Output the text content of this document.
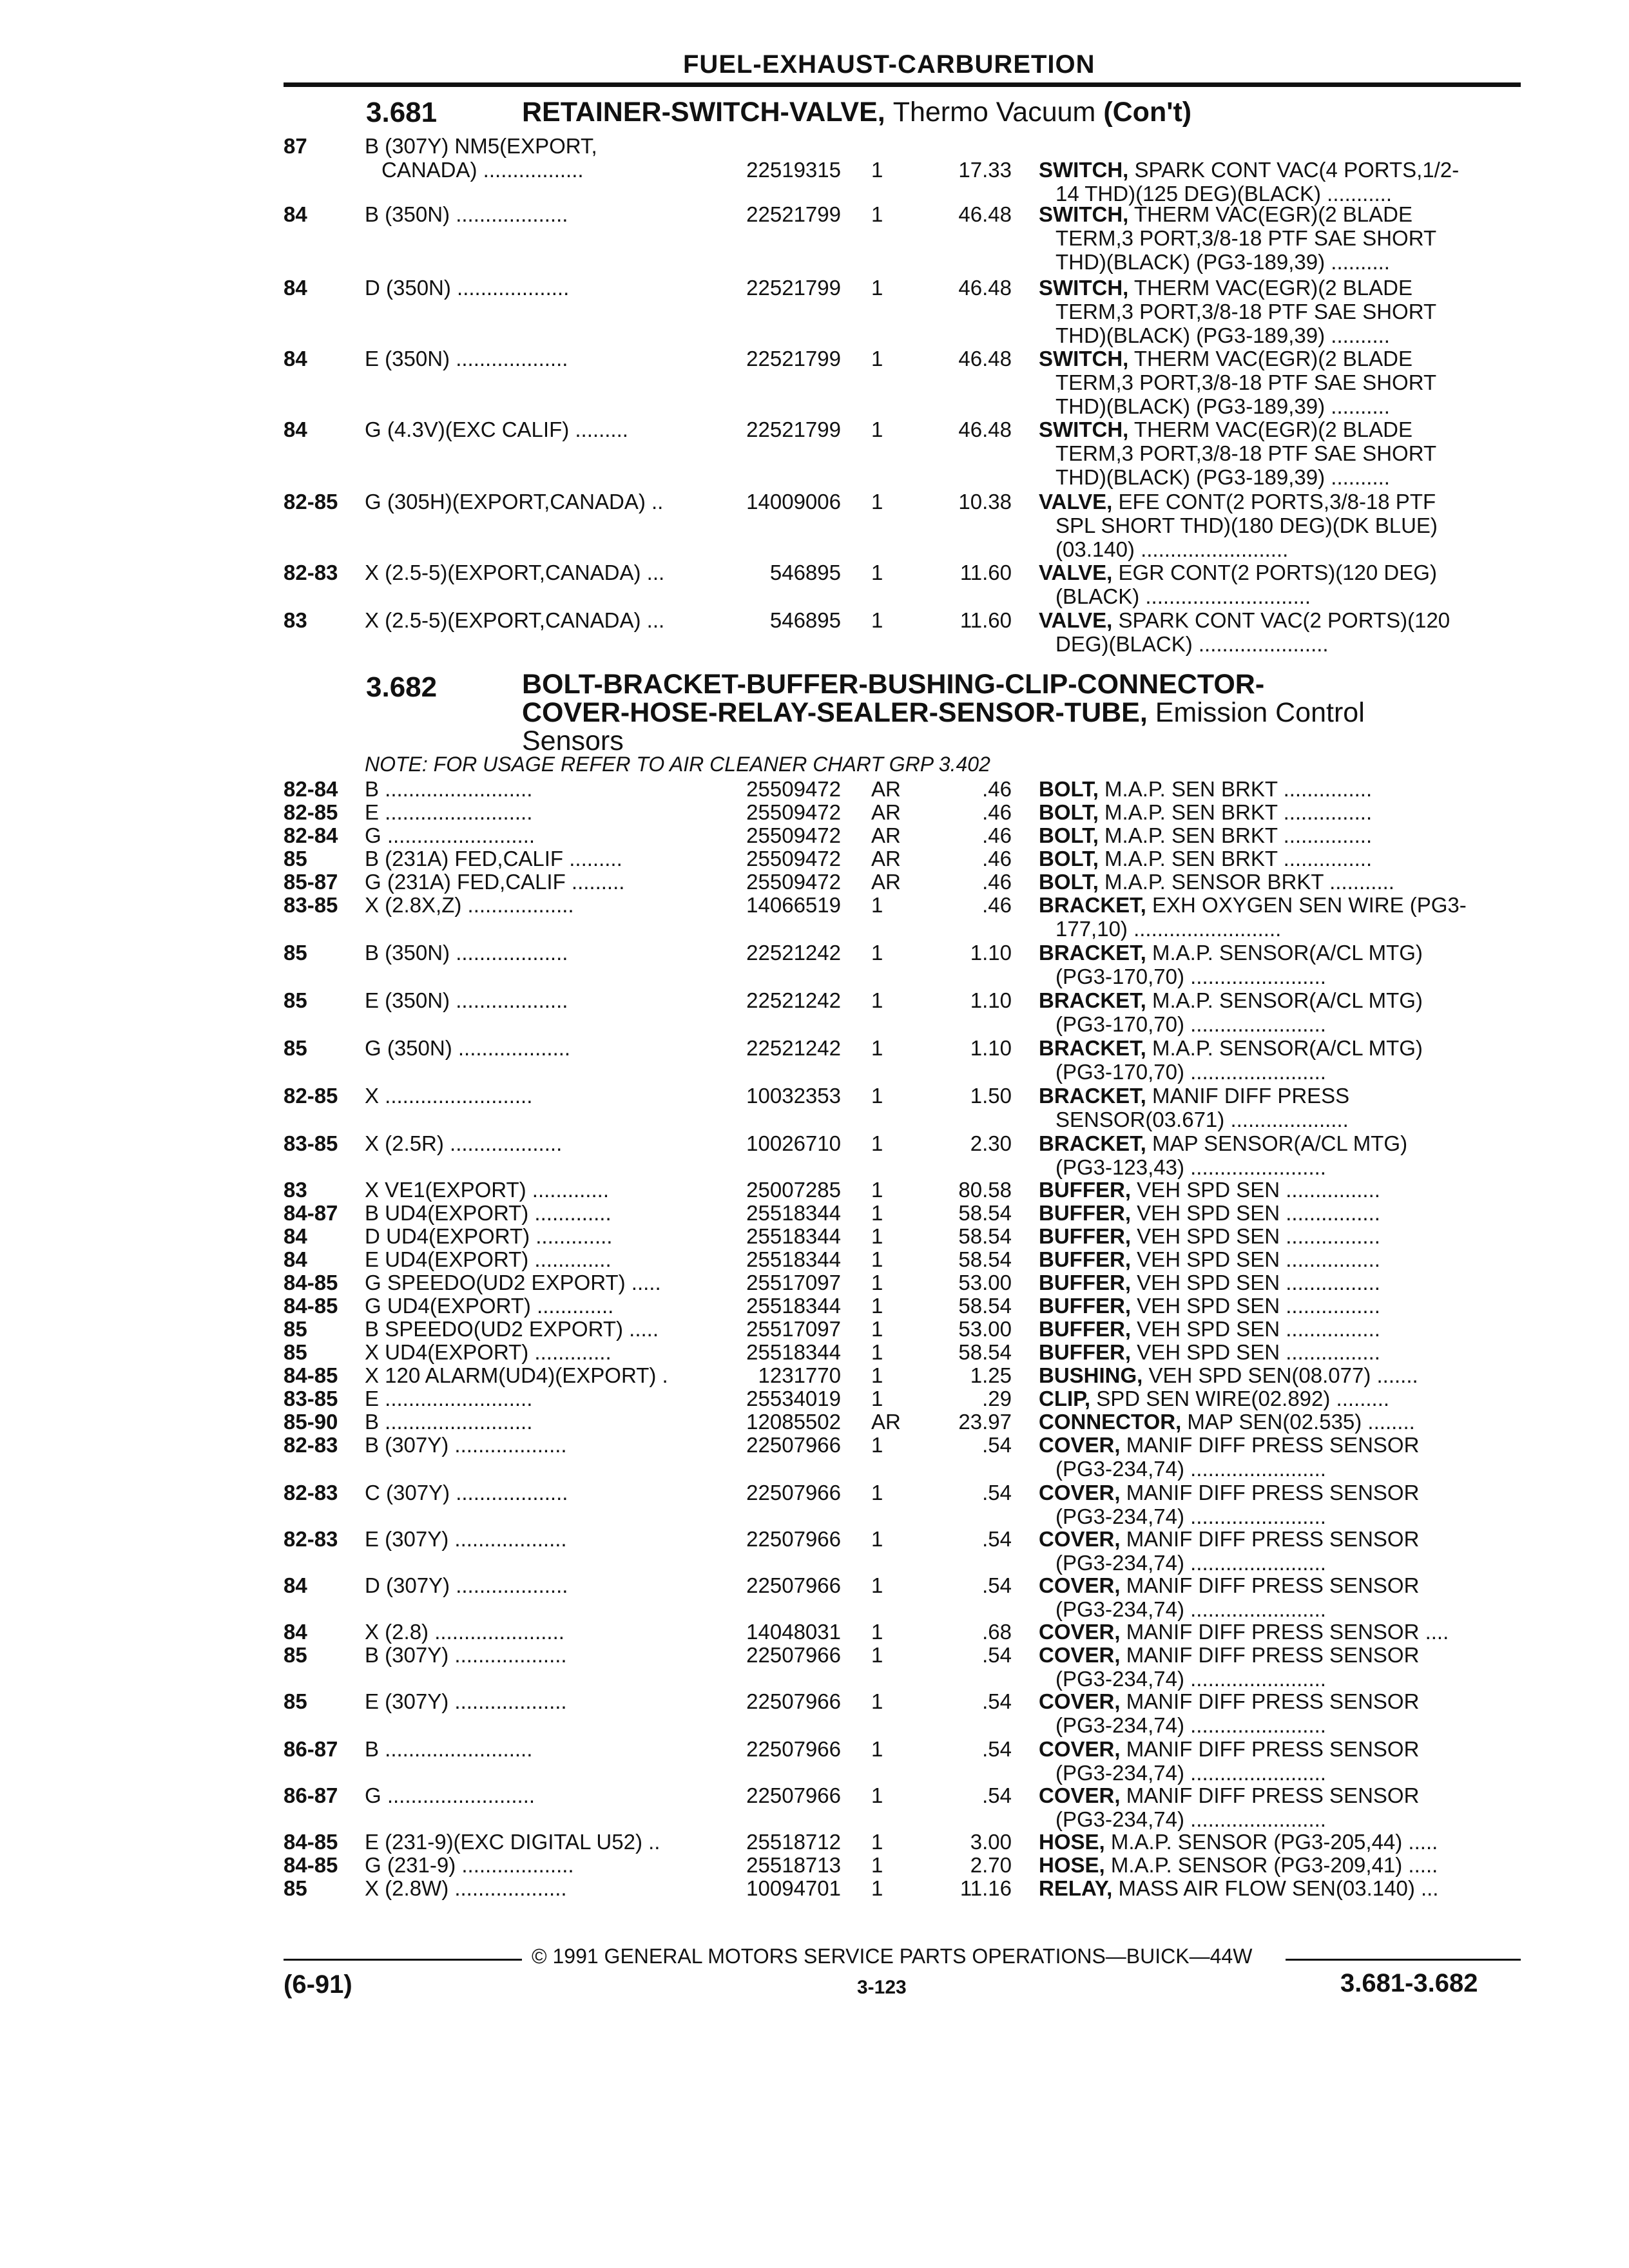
FUEL-EXHAUST-CARBURETION
3.681	RETAINER-SWITCH-VALVE, Thermo Vacuum (Con't)
3.682	BOLT-BRACKET-BUFFER-BUSHING-CLIP-CONNECTOR-
COVER-HOSE-RELAY-SEALER-SENSOR-TUBE, Emission Control
Sensors
NOTE: FOR USAGE REFER TO AIR CLEANER CHART GRP 3.402
87	B (307Y) NM5(EXPORT,
CANADA) .................	22519315 1	17.33 SWITCH, SPARK CONT VAC(4 PORTS,1/2-
14 THD)(125 DEG)(BLACK) ...........
84	B (350N) ...................	22521799 1	46.48 SWITCH, THERM VAC(EGR)(2 BLADE
TERM,3 PORT,3/8-18 PTF SAE SHORT
THD)(BLACK) (PG3-189,39) ..........
84	D (350N) ...................	22521799 1	46.48 SWITCH, THERM VAC(EGR)(2 BLADE
TERM,3 PORT,3/8-18 PTF SAE SHORT
THD)(BLACK) (PG3-189,39) ..........
84	E (350N) ...................	22521799 1	46.48 SWITCH, THERM VAC(EGR)(2 BLADE
TERM,3 PORT,3/8-18 PTF SAE SHORT
THD)(BLACK) (PG3-189,39) ..........
84	G (4.3V)(EXC CALIF) .........	22521799 1	46.48 SWITCH, THERM VAC(EGR)(2 BLADE
TERM,3 PORT,3/8-18 PTF SAE SHORT
THD)(BLACK) (PG3-189,39) ..........
82-85 G (305H)(EXPORT,CANADA) ..	14009006 1	10.38 VALVE, EFE CONT(2 PORTS,3/8-18 PTF
SPL SHORT THD)(180 DEG)(DK BLUE)
(03.140) .........................
82-83 X (2.5-5)(EXPORT,CANADA) ...	546895 1	11.60 VALVE, EGR CONT(2 PORTS)(120 DEG)
(BLACK) ............................
83	X (2.5-5)(EXPORT,CANADA) ...	546895 1	11.60 VALVE, SPARK CONT VAC(2 PORTS)(120
DEG)(BLACK) ......................
82-84 B .........................	25509472 AR	.46 BOLT, M.A.P. SEN BRKT ...............
82-85 E .........................	25509472 AR	.46 BOLT, M.A.P. SEN BRKT ...............
82-84 G .........................	25509472 AR	.46 BOLT, M.A.P. SEN BRKT ...............
85	B (231A) FED,CALIF .........	25509472 AR	.46 BOLT, M.A.P. SEN BRKT ...............
85-87 G (231A) FED,CALIF .........	25509472 AR	.46 BOLT, M.A.P. SENSOR BRKT ...........
83-85 X (2.8X,Z) ..................	14066519 1	.46 BRACKET, EXH OXYGEN SEN WIRE (PG3-
177,10) .........................
85	B (350N) ...................	22521242 1	1.10 BRACKET, M.A.P. SENSOR(A/CL MTG)
(PG3-170,70) .......................
85	E (350N) ...................	22521242 1	1.10 BRACKET, M.A.P. SENSOR(A/CL MTG)
(PG3-170,70) .......................
85	G (350N) ...................	22521242 1	1.10 BRACKET, M.A.P. SENSOR(A/CL MTG)
(PG3-170,70) .......................
82-85 X .........................	10032353 1	1.50 BRACKET, MANIF DIFF PRESS
SENSOR(03.671) ....................
83-85 X (2.5R) ...................	10026710 1	2.30 BRACKET, MAP SENSOR(A/CL MTG)
(PG3-123,43) .......................
83	X VE1(EXPORT) .............	25007285 1	80.58 BUFFER, VEH SPD SEN ................
84-87 B UD4(EXPORT) .............	25518344 1	58.54 BUFFER, VEH SPD SEN ................
84	D UD4(EXPORT) .............	25518344 1	58.54 BUFFER, VEH SPD SEN ................
84	E UD4(EXPORT) .............	25518344 1	58.54 BUFFER, VEH SPD SEN ................
84-85 G SPEEDO(UD2 EXPORT) .....	25517097 1	53.00 BUFFER, VEH SPD SEN ................
84-85 G UD4(EXPORT) .............	25518344 1	58.54 BUFFER, VEH SPD SEN ................
85	B SPEEDO(UD2 EXPORT) .....	25517097 1	53.00 BUFFER, VEH SPD SEN ................
85	X UD4(EXPORT) .............	25518344 1	58.54 BUFFER, VEH SPD SEN ................
84-85 X 120 ALARM(UD4)(EXPORT) .	1231770 1	1.25 BUSHING, VEH SPD SEN(08.077) .......
83-85 E .........................	25534019 1	.29 CLIP, SPD SEN WIRE(02.892) .........
85-90 B .........................	12085502 AR	23.97 CONNECTOR, MAP SEN(02.535) ........
82-83 B (307Y) ...................	22507966 1	.54 COVER, MANIF DIFF PRESS SENSOR
(PG3-234,74) .......................
82-83 C (307Y) ...................	22507966 1	.54 COVER, MANIF DIFF PRESS SENSOR
(PG3-234,74) .......................
82-83 E (307Y) ...................	22507966 1	.54 COVER, MANIF DIFF PRESS SENSOR
(PG3-234,74) .......................
84	D (307Y) ...................	22507966 1	.54 COVER, MANIF DIFF PRESS SENSOR
(PG3-234,74) .......................
84	X (2.8) ......................	14048031 1	.68 COVER, MANIF DIFF PRESS SENSOR ....
85	B (307Y) ...................	22507966 1	.54 COVER, MANIF DIFF PRESS SENSOR
(PG3-234,74) .......................
85	E (307Y) ...................	22507966 1	.54 COVER, MANIF DIFF PRESS SENSOR
(PG3-234,74) .......................
86-87 B .........................	22507966 1	.54 COVER, MANIF DIFF PRESS SENSOR
(PG3-234,74) .......................
86-87 G .........................	22507966 1	.54 COVER, MANIF DIFF PRESS SENSOR
(PG3-234,74) .......................
84-85 E (231-9)(EXC DIGITAL U52) ..	25518712 1	3.00 HOSE, M.A.P. SENSOR (PG3-205,44) .....
84-85 G (231-9) ...................	25518713 1	2.70 HOSE, M.A.P. SENSOR (PG3-209,41) .....
85	X (2.8W) ...................	10094701 1	11.16 RELAY, MASS AIR FLOW SEN(03.140) ...
© 1991 GENERAL MOTORS SERVICE PARTS OPERATIONS—BUICK—44W
(6-91)	3-123	3.681-3.682
